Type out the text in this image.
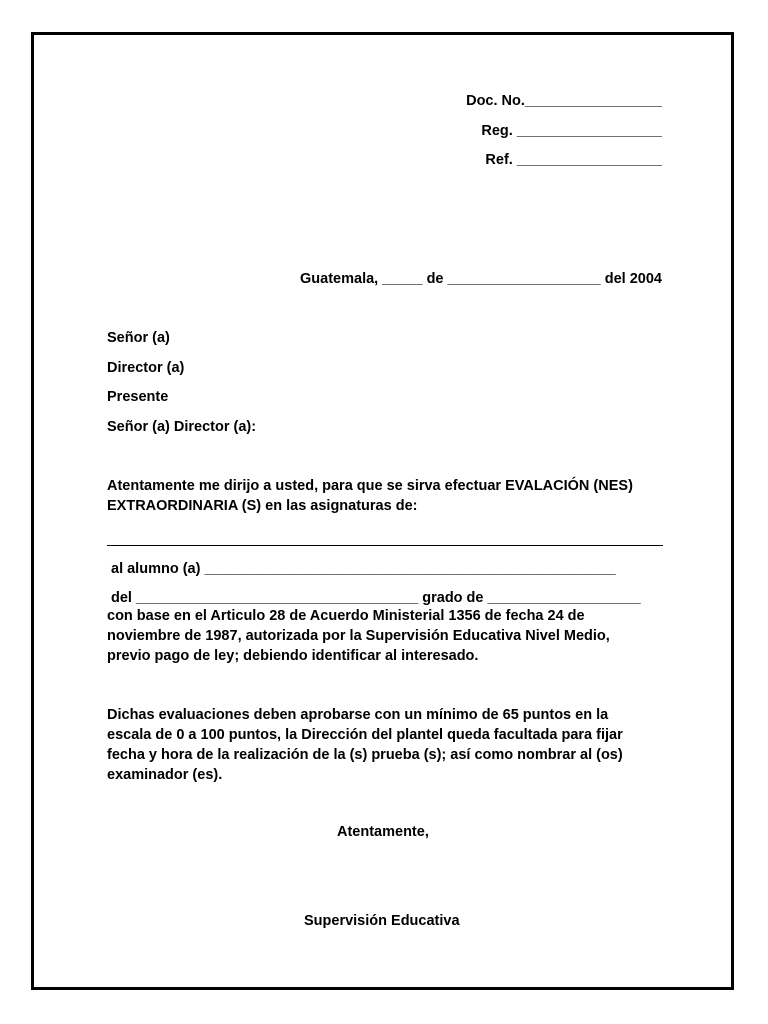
Doc. No._________________
Reg. __________________
Ref. __________________
Guatemala, _____ de ___________________ del 2004
Señor (a)
Director (a)
Presente
Señor (a) Director (a):
Atentamente me dirijo a usted, para que se sirva efectuar EVALACIÓN (NES)
EXTRAORDINARIA (S) en las asignaturas de:
al alumno (a) ___________________________________________________
del ___________________________________ grado de ___________________
con base en el Articulo 28 de Acuerdo Ministerial 1356 de fecha 24 de
noviembre de 1987, autorizada por la Supervisión Educativa Nivel Medio,
previo pago de ley; debiendo identificar al interesado.
Dichas evaluaciones deben aprobarse con un mínimo de 65 puntos en la
escala de 0 a 100 puntos, la Dirección del plantel queda facultada para fijar
fecha y hora de la realización de la (s) prueba (s); así como nombrar al (os)
examinador (es).
Atentamente,
Supervisión Educativa
